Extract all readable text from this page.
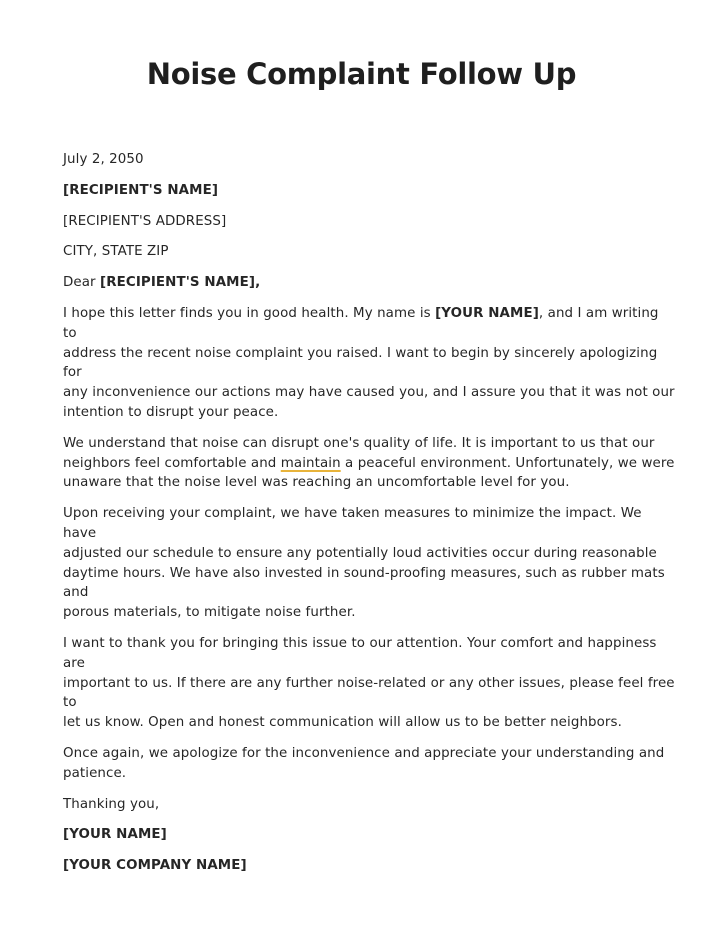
Noise Complaint Follow Up

July 2, 2050

[RECIPIENT'S NAME]

[RECIPIENT'S ADDRESS]

CITY, STATE ZIP

Dear [RECIPIENT'S NAME],

I hope this letter finds you in good health. My name is [YOUR NAME], and I am writing to
address the recent noise complaint you raised. I want to begin by sincerely apologizing for
any inconvenience our actions may have caused you, and I assure you that it was not our
intention to disrupt your peace.

We understand that noise can disrupt one's quality of life. It is important to us that our
neighbors feel comfortable and maintain a peaceful environment. Unfortunately, we were
unaware that the noise level was reaching an uncomfortable level for you.

Upon receiving your complaint, we have taken measures to minimize the impact. We have
adjusted our schedule to ensure any potentially loud activities occur during reasonable
daytime hours. We have also invested in sound-proofing measures, such as rubber mats and
porous materials, to mitigate noise further.

I want to thank you for bringing this issue to our attention. Your comfort and happiness are
important to us. If there are any further noise-related or any other issues, please feel free to
let us know. Open and honest communication will allow us to be better neighbors.

Once again, we apologize for the inconvenience and appreciate your understanding and
patience.

Thanking you,

[YOUR NAME]

[YOUR COMPANY NAME]
